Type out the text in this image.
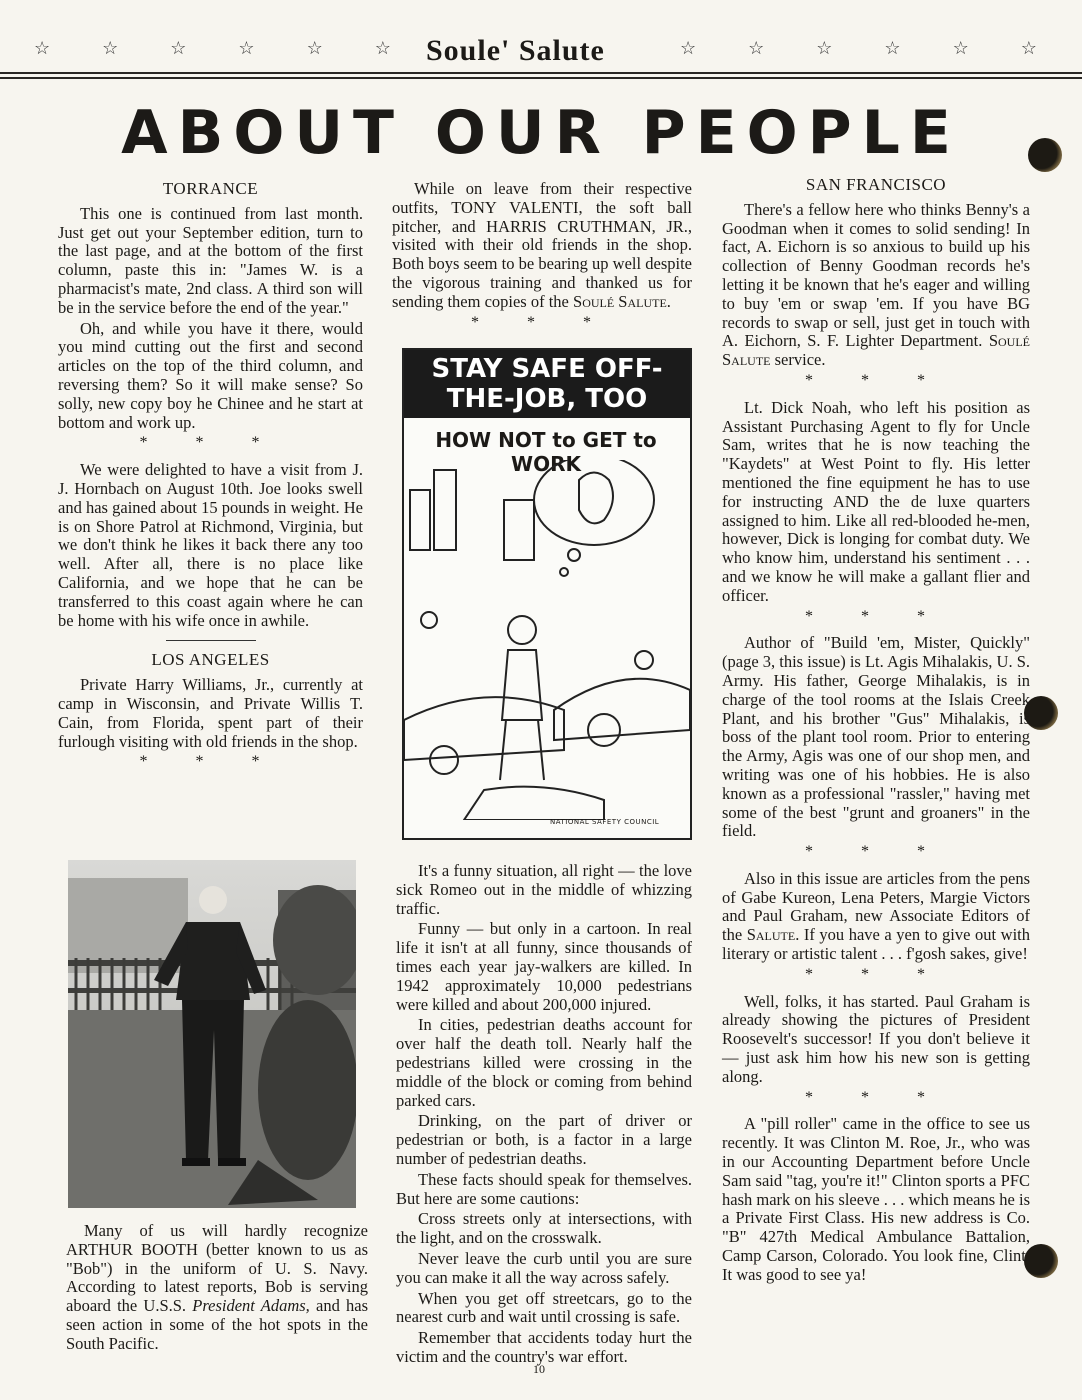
☆	☆	☆	☆	☆	☆ Soule' Salute	☆	☆	☆	☆	☆	☆
ABOUT OUR PEOPLE
TORRANCE

This one is continued from last month. Just get out your September edition, turn to the last page, and at the bottom of the first column, paste this in: "James W. is a pharmacist's mate, 2nd class. A third son will be in the service before the end of the year."

Oh, and while you have it there, would you mind cutting out the first and second articles on the top of the third column, and reversing them? So it will make sense? So solly, new copy boy he Chinee and he start at bottom and work up.

* * *

We were delighted to have a visit from J. J. Hornbach on August 10th. Joe looks swell and has gained about 15 pounds in weight. He is on Shore Patrol at Richmond, Virginia, but we don't think he likes it back there any too well. After all, there is no place like California, and we hope that he can be transferred to this coast again where he can be home with his wife once in awhile.

LOS ANGELES

Private Harry Williams, Jr., currently at camp in Wisconsin, and Private Willis T. Cain, from Florida, spent part of their furlough visiting with old friends in the shop.

* * *

Many of us will hardly recognize ARTHUR BOOTH (better known to us as "Bob") in the uniform of U. S. Navy. According to latest reports, Bob is serving aboard the U.S.S. President Adams, and has seen action in some of the hot spots in the South Pacific.

While on leave from their respective outfits, TONY VALENTI, the soft ball pitcher, and HARRIS CRUTHMAN, JR., visited with their old friends in the shop. Both boys seem to be bearing up well despite the vigorous training and thanked us for sending them copies of the Soulé Salute.

* * *
STAY SAFE OFF-THE-JOB, TOO
HOW NOT to GET to WORK
NATIONAL SAFETY COUNCIL

It's a funny situation, all right — the love sick Romeo out in the middle of whizzing traffic.

Funny — but only in a cartoon. In real life it isn't at all funny, since thousands of times each year jay-walkers are killed. In 1942 approximately 10,000 pedestrians were killed and about 200,000 injured.

In cities, pedestrian deaths account for over half the death toll. Nearly half the pedestrians killed were crossing in the middle of the block or coming from behind parked cars.

Drinking, on the part of driver or pedestrian or both, is a factor in a large number of pedestrian deaths.

These facts should speak for themselves. But here are some cautions:

Cross streets only at intersections, with the light, and on the crosswalk.

Never leave the curb until you are sure you can make it all the way across safely.

When you get off streetcars, go to the nearest curb and wait until crossing is safe.

Remember that accidents today hurt the victim and the country's war effort.

SAN FRANCISCO

There's a fellow here who thinks Benny's a Goodman when it comes to solid sending! In fact, A. Eichorn is so anxious to build up his collection of Benny Goodman records he's letting it be known that he's eager and willing to buy 'em or swap 'em. If you have BG records to swap or sell, just get in touch with A. Eichorn, S. F. Lighter Department. Soulé Salute service.

* * *

Lt. Dick Noah, who left his position as Assistant Purchasing Agent to fly for Uncle Sam, writes that he is now teaching the "Kaydets" at West Point to fly. His letter mentioned the fine equipment he has to use for instructing AND the de luxe quarters assigned to him. Like all red-blooded he-men, however, Dick is longing for combat duty. We who know him, understand his sentiment . . . and we know he will make a gallant flier and officer.

* * *

Author of "Build 'em, Mister, Quickly" (page 3, this issue) is Lt. Agis Mihalakis, U. S. Army. His father, George Mihalakis, is in charge of the tool rooms at the Islais Creek Plant, and his brother "Gus" Mihalakis, is boss of the plant tool room. Prior to entering the Army, Agis was one of our shop men, and writing was one of his hobbies. He is also known as a professional "rassler," having met some of the best "grunt and groaners" in the field.

* * *

Also in this issue are articles from the pens of Gabe Kureon, Lena Peters, Margie Victors and Paul Graham, new Associate Editors of the Salute. If you have a yen to give out with literary or artistic talent . . . f'gosh sakes, give!

* * *

Well, folks, it has started. Paul Graham is already showing the pictures of President Roosevelt's successor! If you don't believe it — just ask him how his new son is getting along.

* * *

A "pill roller" came in the office to see us recently. It was Clinton M. Roe, Jr., who was in our Accounting Department before Uncle Sam said "tag, you're it!" Clinton sports a PFC hash mark on his sleeve . . . which means he is a Private First Class. His new address is Co. "B" 427th Medical Ambulance Battalion, Camp Carson, Colorado. You look fine, Clint. It was good to see ya!

10
